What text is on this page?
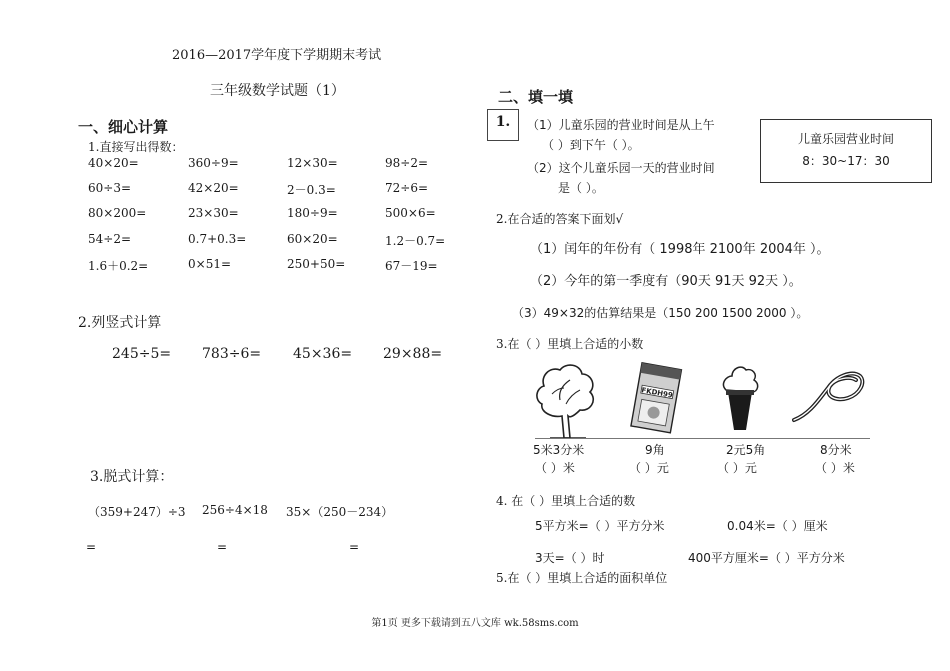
2016—2017学年度下学期期末考试
三年级数学试题（1）
一、细心计算
1.直接写出得数：
40×20=	360÷9=	12×30=	98÷2=
60÷3=	42×20=	2－0.3=	72÷6=
80×200=	23×30=	180÷9=	500×6=
54÷2=	0.7+0.3=	60×20=	1.2－0.7=
1.6＋0.2=	0×51=	250+50=	67－19=
2.列竖式计算
245÷5= 783÷6= 45×36= 29×88=
3.脱式计算：
（359+247）÷3 256÷4×18 35×（250－234）
=	=	=
二、填一填
1.	（1）儿童乐园的营业时间是从上午
（ ）到下午（ ）。
（2）这个儿童乐园一天的营业时间
是（ ）。
儿童乐园营业时间
8：30~17：30
2.在合适的答案下面划√
（1）闰年的年份有（ 1998年 2100年 2004年 ）。
（2）今年的第一季度有（90天 91天 92天 ）。
（3）49×32的估算结果是（150 200 1500 2000 ）。
3.在（ ）里填上合适的小数
FKDH99
5米3分米	9角	2元5角	8分米
（ ）米	（ ）元	（ ）元	（ ）米
4. 在（ ）里填上合适的数
5平方米=（ ）平方分米	0.04米=（ ）厘米
3天=（ ）时	400平方厘米=（ ）平方分米
5.在（ ）里填上合适的面积单位
第1页 更多下载请到五八文库 wk.58sms.com
